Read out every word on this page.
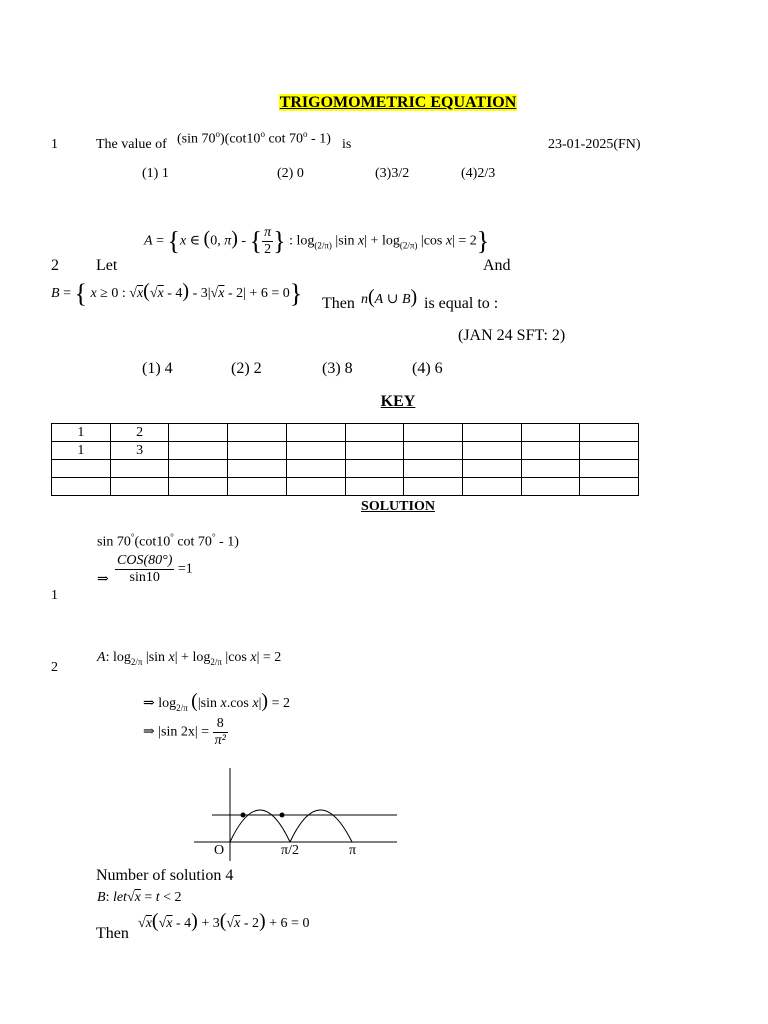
TRIGOMOMETRIC EQUATION
1	The value of (sin 70$^o$)(cot10$^o$ cot 70$^o$ - 1) is	23-01-2025(FN)
(1) 1	(2) 0	(3)3/2	(4)2/3
2 Let
A = {x ∈ (0, π) - { $\frac{\pi}{2}$ } : $\log_{(2/\pi)} |\sin$ $x| + \log_{(2/\pi)} |\cos$ x| = 2}
And
B = { x ≥ 0 : √x(√x - 4) - 3|√x - 2| + 6 = 0} Then n(A ∪ B) is equal to :
(JAN 24 SFT: 2)
(1) 4	(2) 2	(3) 8	(4) 6
KEY
1	2								
1	3								

SOLUTION
sin 70°(cot10° cot 70° - 1)
⇒ $\frac{\text{COS(80°)}}{\sin 10} =1$
1
2
A: $\log_{2/\pi} |\sin$ $x| + \log_{2/\pi} |\cos$ x| = 2
⇒ $\log_{2/\pi} (|\sin$ x.cos x|) = 2
⇒ |sin $2x| = \frac{8}{\text{π²}}$
O	π/2	π
Number of solution 4
B: let√x = t < 2
Then
√x(√x - 4) + 3(√x - 2) + 6 = 0
